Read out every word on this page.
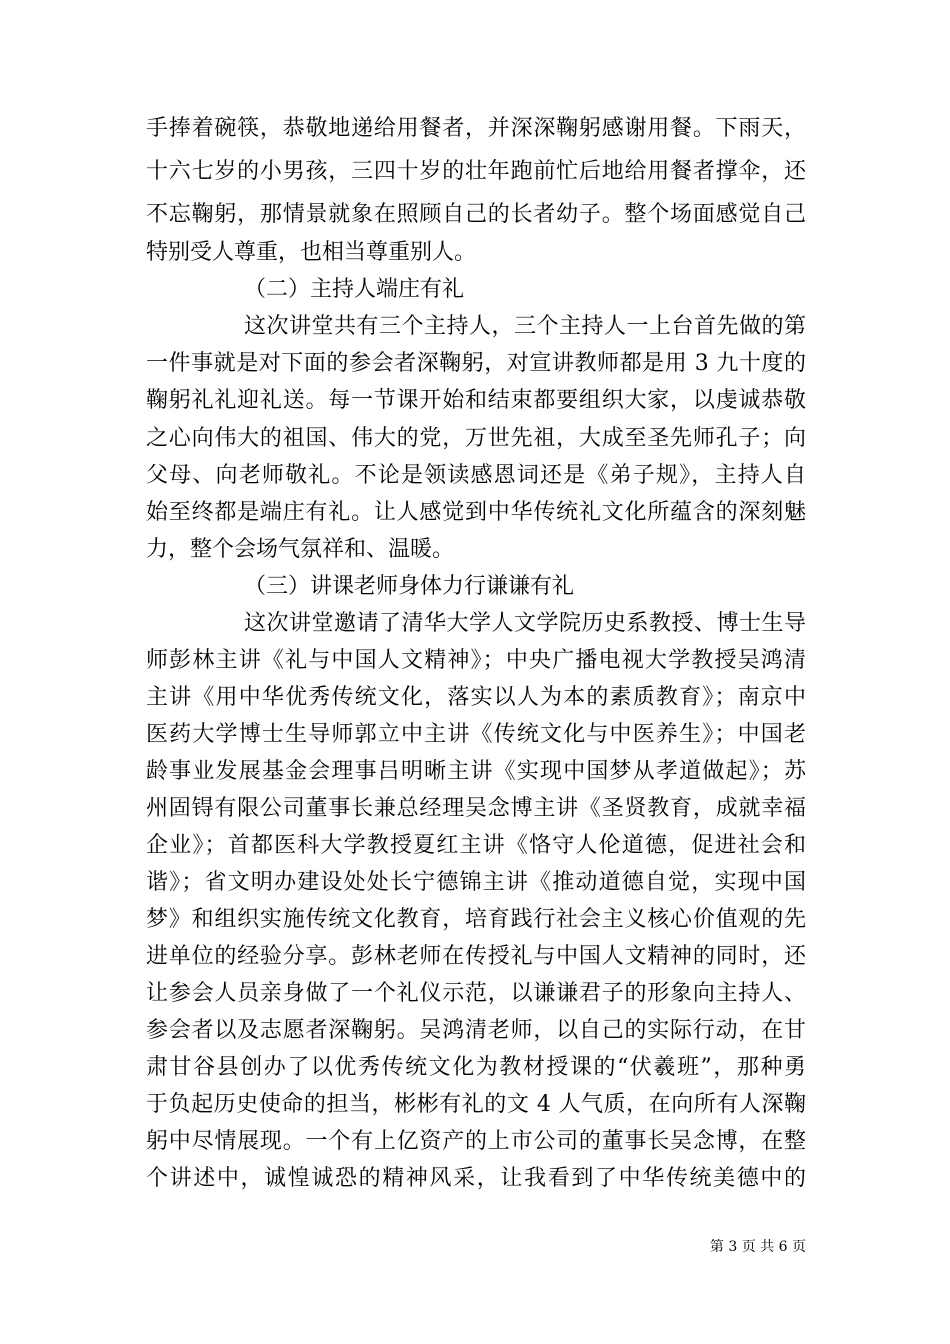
手捧着碗筷，恭敬地递给用餐者，并深深鞠躬感谢用餐。下雨天，
十六七岁的小男孩，三四十岁的壮年跑前忙后地给用餐者撑伞，还
不忘鞠躬，那情景就象在照顾自己的长者幼子。整个场面感觉自己
特别受人尊重，也相当尊重别人。
（二）主持人端庄有礼
这次讲堂共有三个主持人，三个主持人一上台首先做的第
一件事就是对下面的参会者深鞠躬，对宣讲教师都是用 3 九十度的
鞠躬礼礼迎礼送。每一节课开始和结束都要组织大家，以虔诚恭敬
之心向伟大的祖国、伟大的党，万世先祖，大成至圣先师孔子；向
父母、向老师敬礼。不论是领读感恩词还是《弟子规》，主持人自
始至终都是端庄有礼。让人感觉到中华传统礼文化所蕴含的深刻魅
力，整个会场气氛祥和、温暖。
（三）讲课老师身体力行谦谦有礼
这次讲堂邀请了清华大学人文学院历史系教授、博士生导
师彭林主讲《礼与中国人文精神》；中央广播电视大学教授吴鸿清
主讲《用中华优秀传统文化，落实以人为本的素质教育》；南京中
医药大学博士生导师郭立中主讲《传统文化与中医养生》；中国老
龄事业发展基金会理事吕明晰主讲《实现中国梦从孝道做起》；苏
州固锝有限公司董事长兼总经理吴念博主讲《圣贤教育，成就幸福
企业》；首都医科大学教授夏红主讲《恪守人伦道德，促进社会和
谐》；省文明办建设处处长宁德锦主讲《推动道德自觉，实现中国
梦》和组织实施传统文化教育，培育践行社会主义核心价值观的先
进单位的经验分享。彭林老师在传授礼与中国人文精神的同时，还
让参会人员亲身做了一个礼仪示范，以谦谦君子的形象向主持人、
参会者以及志愿者深鞠躬。吴鸿清老师，以自己的实际行动，在甘
肃甘谷县创办了以优秀传统文化为教材授课的“伏羲班”，那种勇
于负起历史使命的担当，彬彬有礼的文 4 人气质，在向所有人深鞠
躬中尽情展现。一个有上亿资产的上市公司的董事长吴念博，在整
个讲述中，诚惶诚恐的精神风采，让我看到了中华传统美德中的
第 3 页 共 6 页
